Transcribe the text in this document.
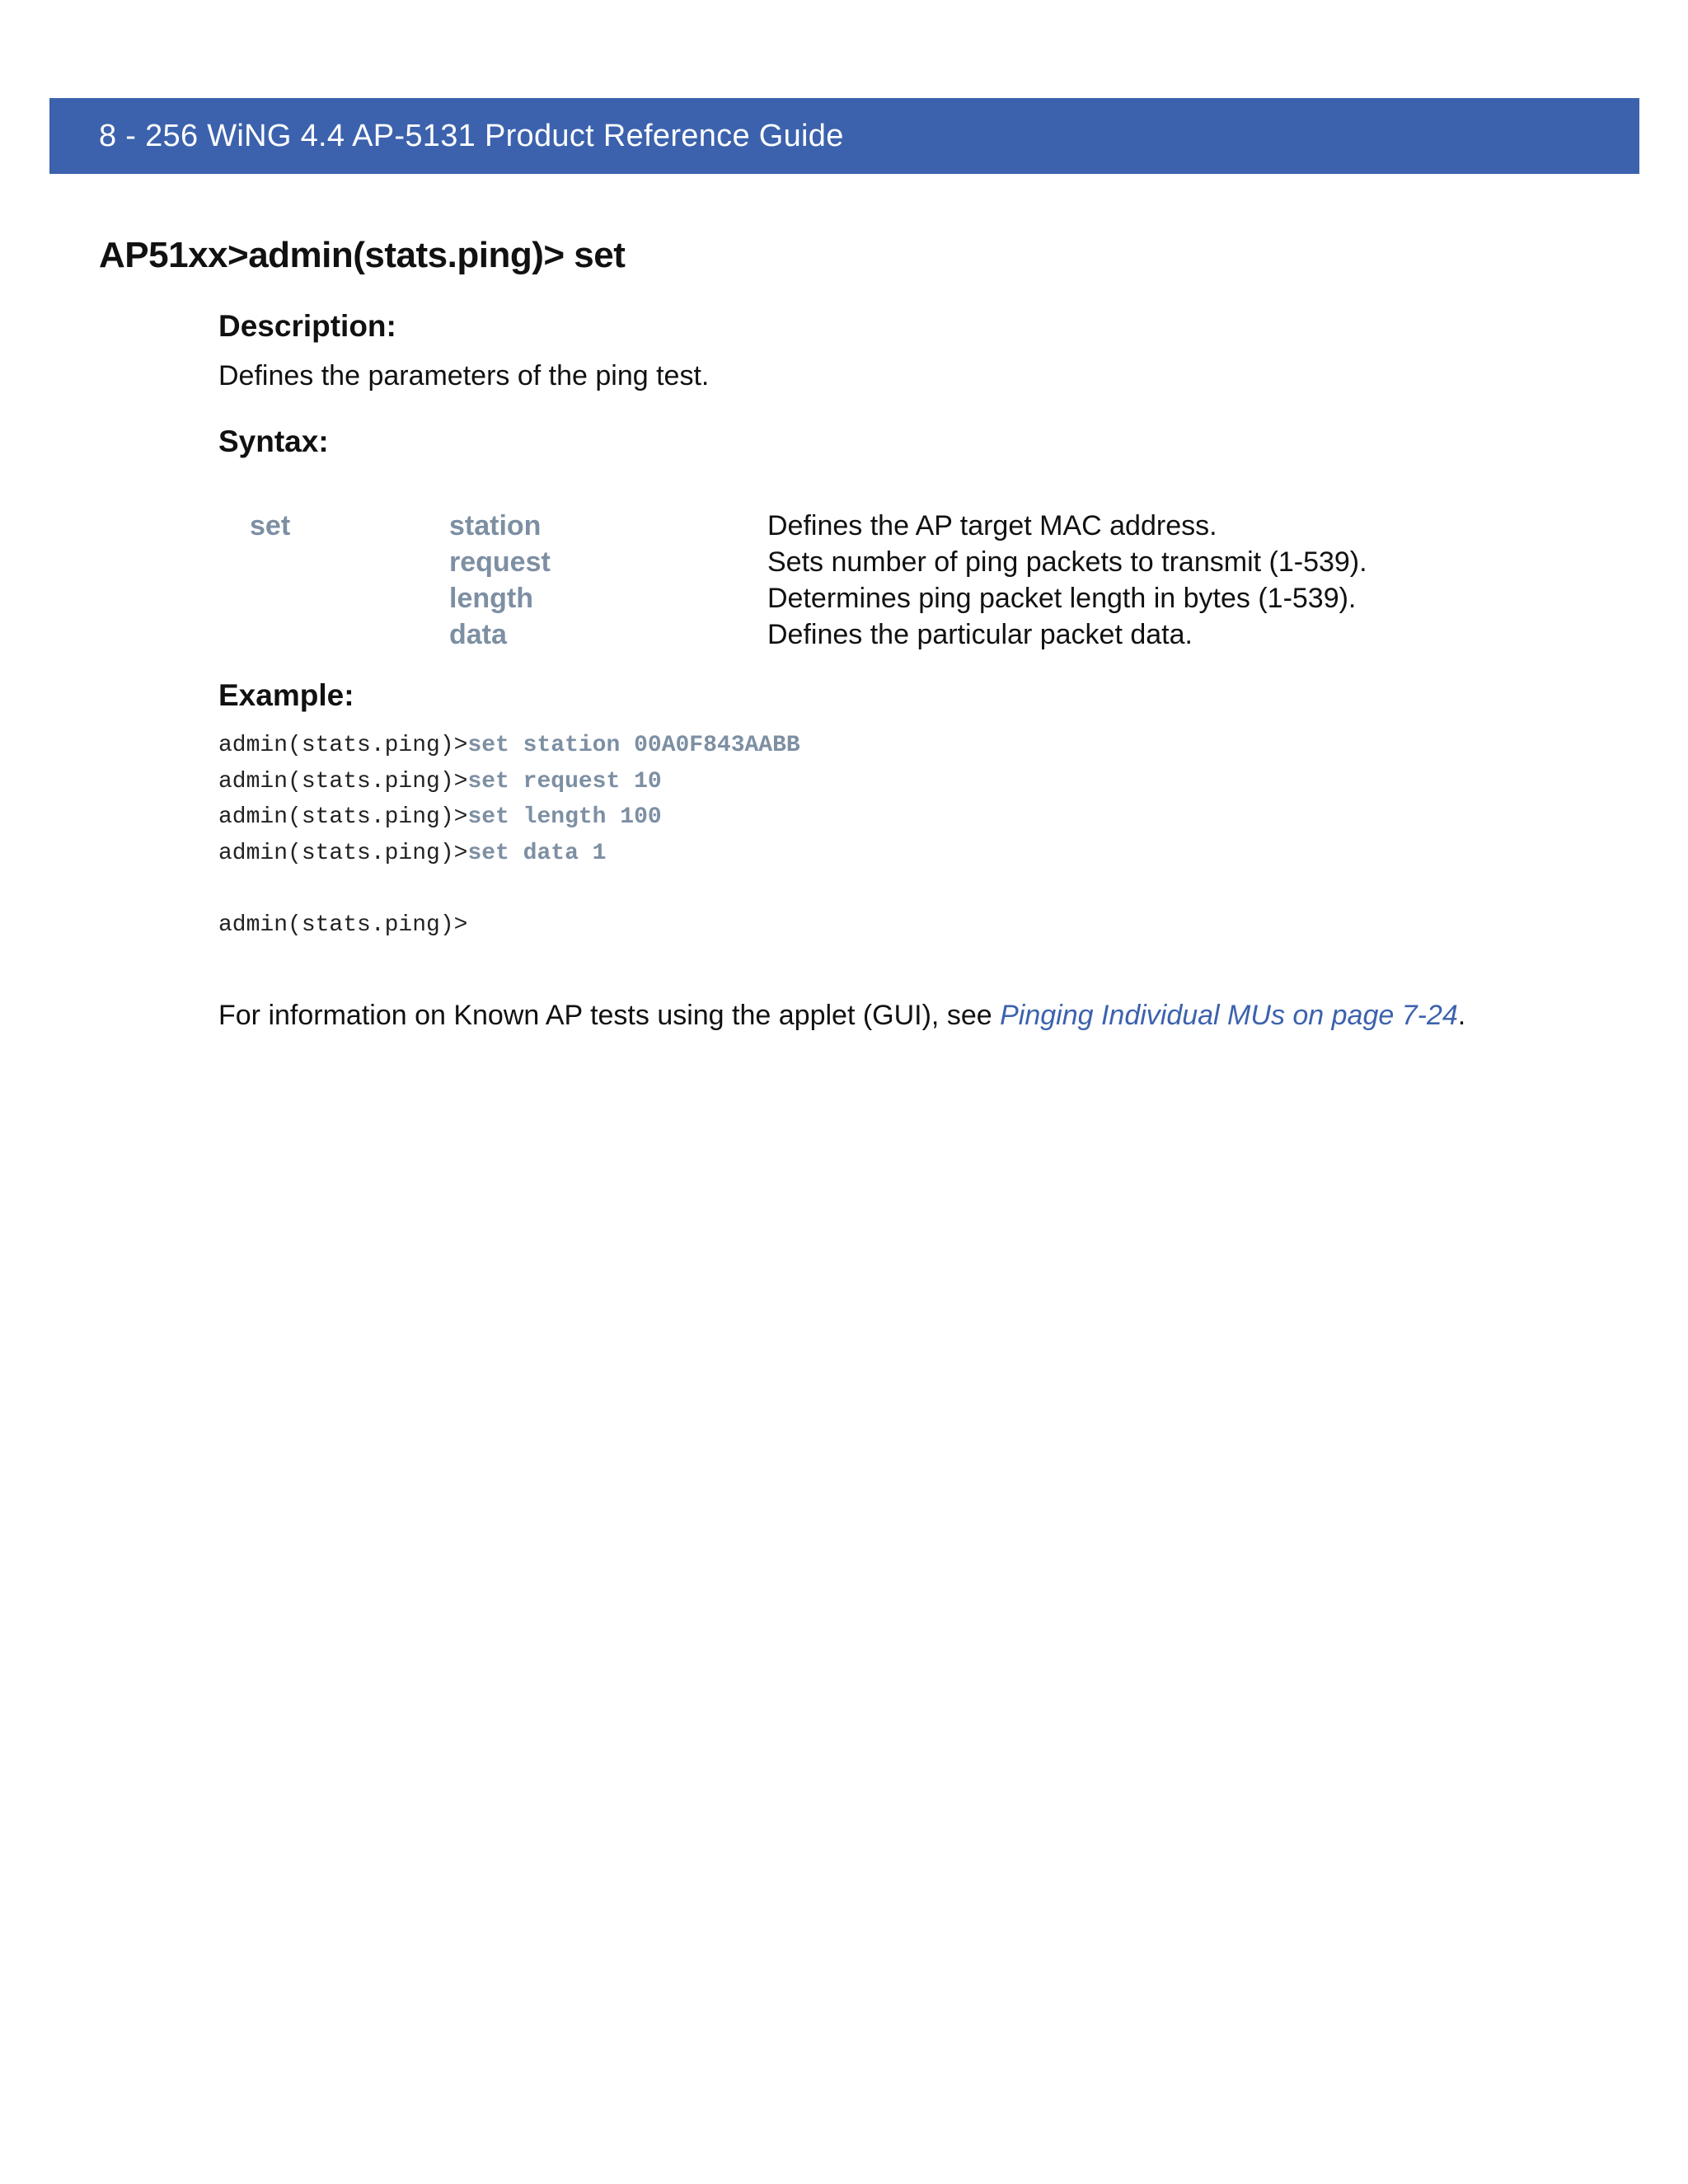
8 - 256 WiNG 4.4 AP-5131 Product Reference Guide
AP51xx>admin(stats.ping)> set
Description:
Defines the parameters of the ping test.
Syntax:
set	station
request
length
data
Defines the AP target MAC address.
Sets number of ping packets to transmit (1-539).
Determines ping packet length in bytes (1-539).
Defines the particular packet data.
Example:
admin(stats.ping)>set station 00A0F843AABB
admin(stats.ping)>set request 10
admin(stats.ping)>set length 100
admin(stats.ping)>set data 1
admin(stats.ping)>
For information on Known AP tests using the applet (GUI), see Pinging Individual MUs on page 7-24.
